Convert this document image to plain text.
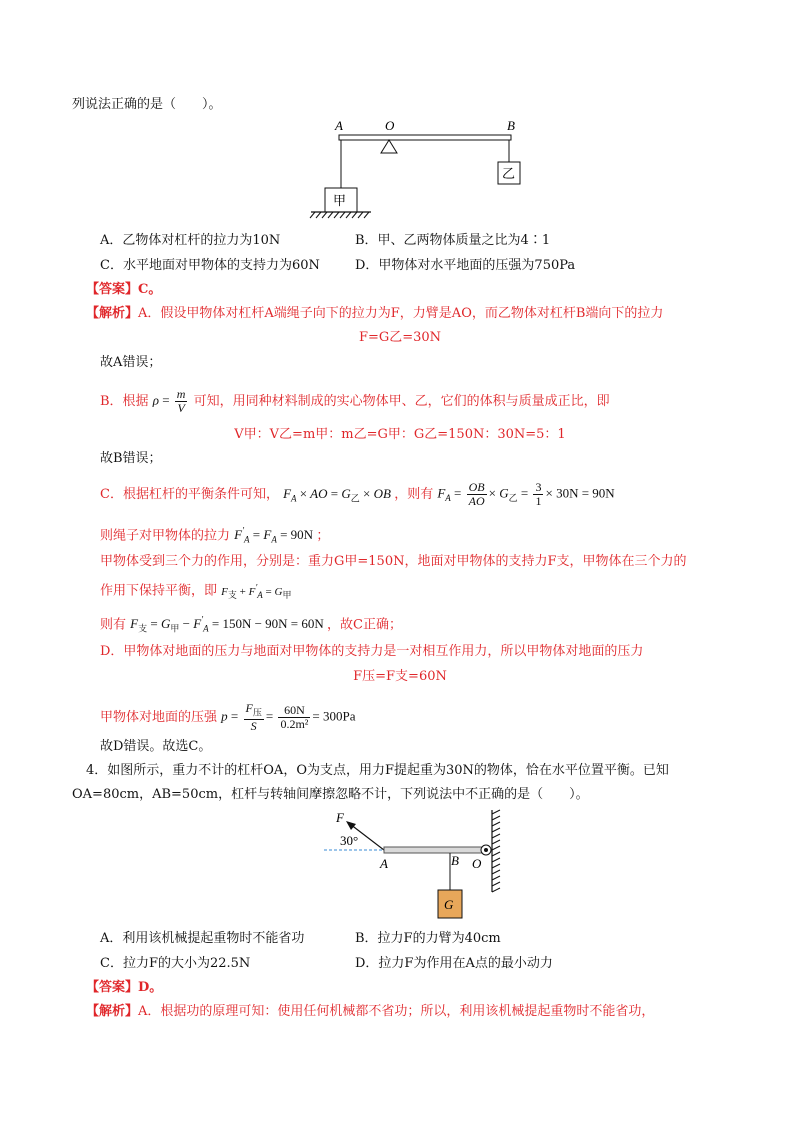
列说法正确的是（　　）。
A	O	B
乙
甲
A．乙物体对杠杆的拉力为10N	B．甲、乙两物体质量之比为4∶1
C．水平地面对甲物体的支持力为60N	D．甲物体对水平地面的压强为750Pa
【答案】C。
【解析】A．假设甲物体对杠杆A端绳子向下的拉力为F，力臂是AO，而乙物体对杠杆B端向下的拉力
F=G乙=30N
故A错误；
B．根据 $\rho = \frac{m}{V}$ 可知，用同种材料制成的实心物体甲、乙，它们的体积与质量成正比，即
V甲：V乙=m甲：m乙=G甲：G乙=150N：30N=5：1
故B错误；
C．根据杠杆的平衡条件可知， $F_A$ × AO = $G_乙$ × OB ，则有 $F_A = \frac{OB}{AO} \times G_乙 = \frac{3}{1} \times 30N = 90N$
则绳子对甲物体的拉力 $F'_A = F_A = 90N$ ；
甲物体受到三个力的作用，分别是：重力G甲=150N，地面对甲物体的支持力F支，甲物体在三个力的
作用下保持平衡，即 $F_支 + F'_A = G_甲$
则有 $F_支 = G_甲 - F'_A = 150N - 90N = 60N$ ，故C正确；
D．甲物体对地面的压力与地面对甲物体的支持力是一对相互作用力，所以甲物体对地面的压力
F压=F支=60N
甲物体对地面的压强 $p = \frac{F_压}{S} = \frac{60N}{\text{0.2m²}} = 300Pa$
故D错误。故选C。
4．如图所示，重力不计的杠杆OA，O为支点，用力F提起重为30N的物体，恰在水平位置平衡。已知
OA=80cm，AB=50cm，杠杆与转轴间摩擦忽略不计，下列说法中不正确的是（　　）。
F
30°
A	B O
G
A．利用该机械提起重物时不能省功	B．拉力F的力臂为40cm
C．拉力F的大小为22.5N	D．拉力F为作用在A点的最小动力
【答案】D。
【解析】A．根据功的原理可知：使用任何机械都不省功；所以，利用该机械提起重物时不能省功，
